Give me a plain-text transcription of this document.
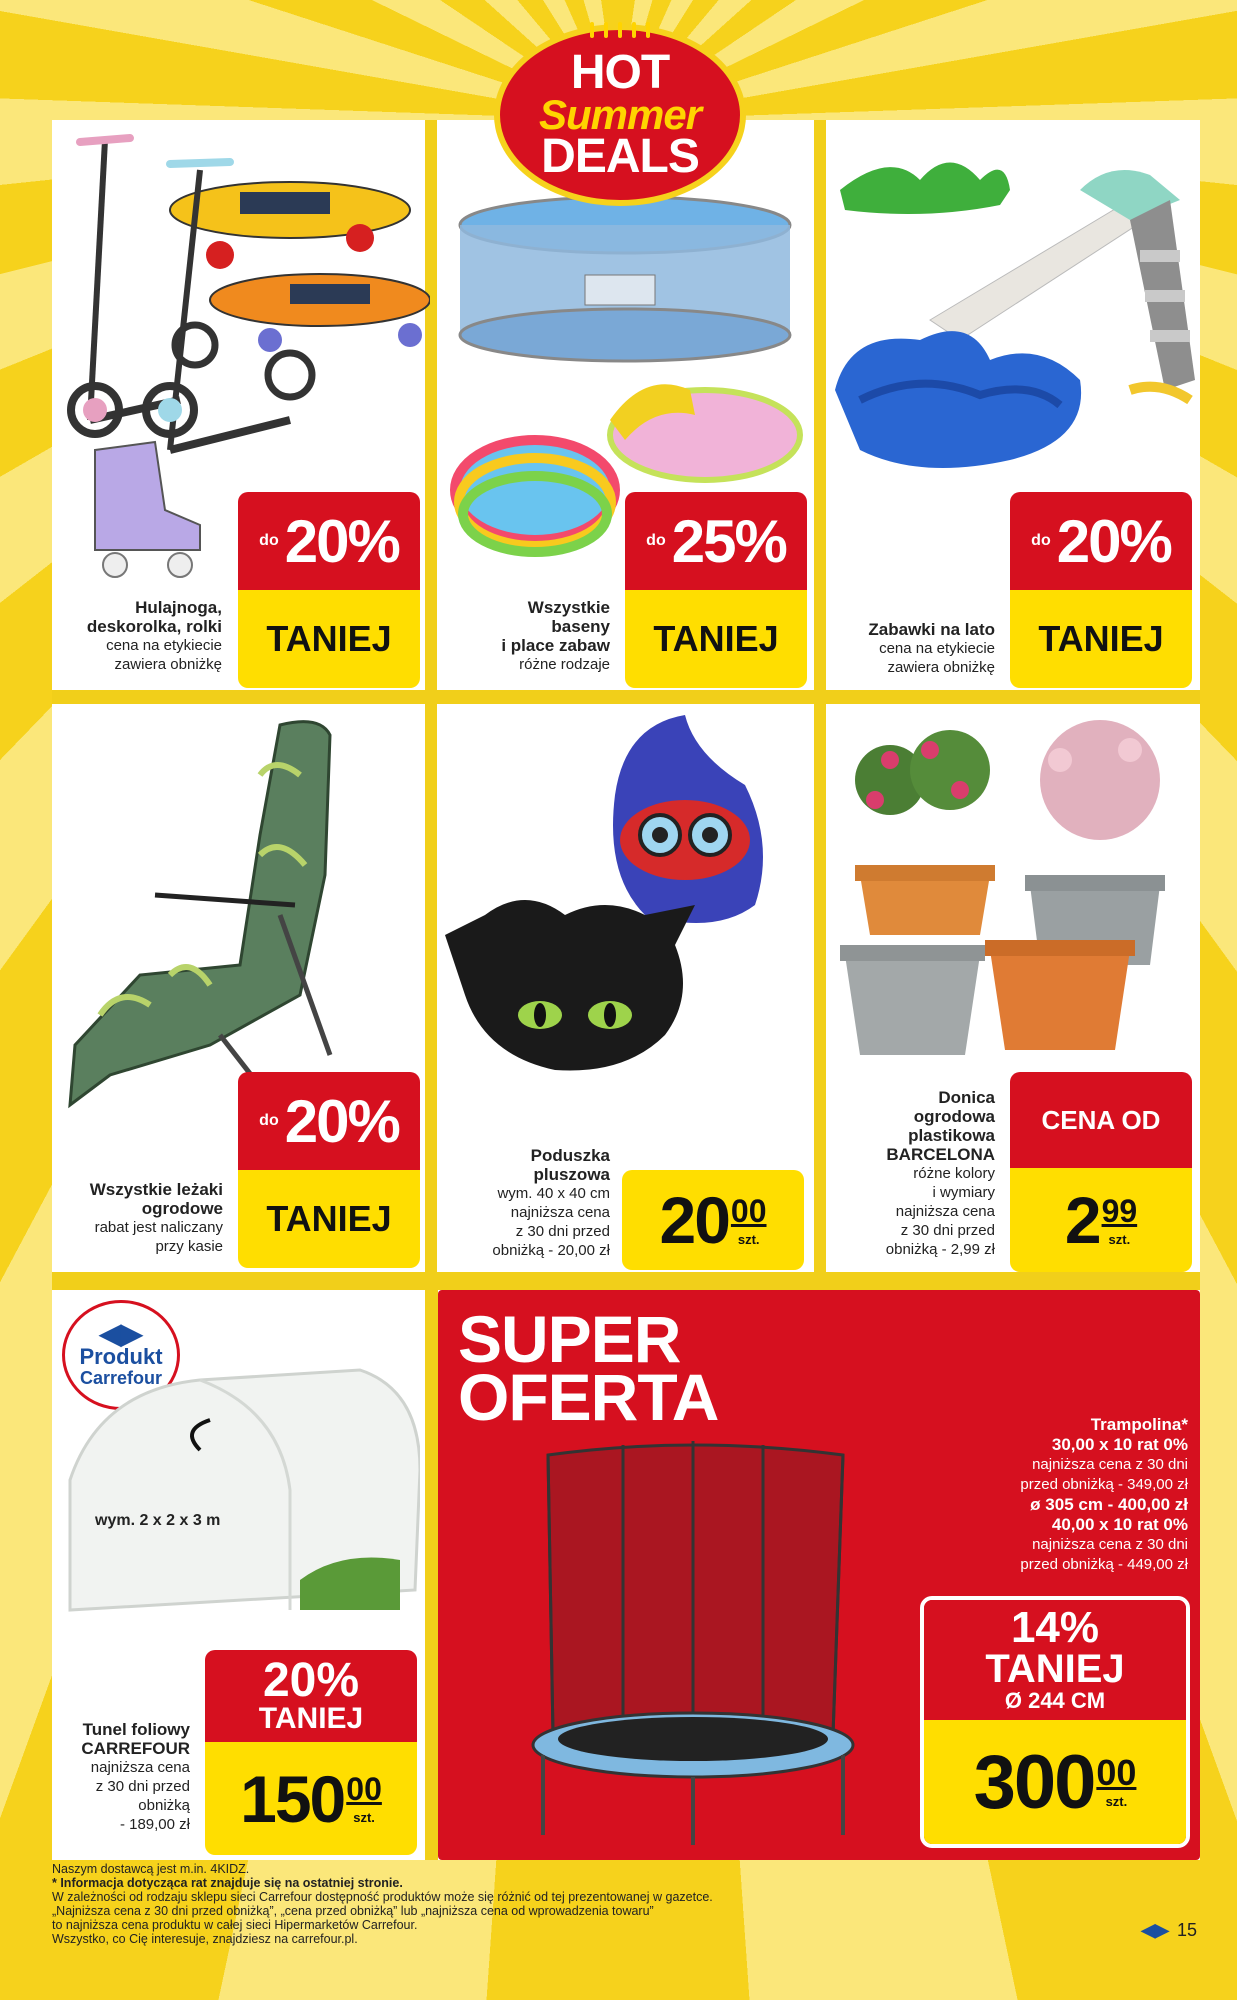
HOT
Summer
DEALS
do 20%
TANIEJ
Hulajnoga,
deskorolka, rolki
cena na etykiecie
zawiera obniżkę
do 25%
TANIEJ
Wszystkie
baseny
i place zabaw
różne rodzaje
do 20%
TANIEJ
Zabawki na lato
cena na etykiecie
zawiera obniżkę
do 20%
TANIEJ
Wszystkie leżaki
ogrodowe
rabat jest naliczany
przy kasie
Poduszka
pluszowa
wym. 40 x 40 cm
najniższa cena
z 30 dni przed
obniżką - 20,00 zł 20 00
szt.
Donica
ogrodowa
plastikowa
BARCELONA
różne kolory
i wymiary
najniższa cena
z 30 dni przed
obniżką - 2,99 zł
CENA OD
2 99
szt.
◀▶
Produkt
Carrefour
wym. 2 x 2 x 3 m
Tunel foliowy
CARREFOUR
najniższa cena
z 30 dni przed
obniżką
- 189,00 zł
20%
TANIEJ
150 00
szt.
SUPER
OFERTA	Trampolina*
30,00 x 10 rat 0%
najniższa cena z 30 dni
przed obniżką - 349,00 zł
ø 305 cm - 400,00 zł
40,00 x 10 rat 0%
najniższa cena z 30 dni
przed obniżką - 449,00 zł
14%
TANIEJ
Ø 244 CM
300 00
szt.
Naszym dostawcą jest m.in. 4KIDZ.
* Informacja dotycząca rat znajduje się na ostatniej stronie.
W zależności od rodzaju sklepu sieci Carrefour dostępność produktów może się różnić od tej prezentowanej w gazetce.
„Najniższa cena z 30 dni przed obniżką”, „cena przed obniżką” lub „najniższa cena od wprowadzenia towaru”
to najniższa cena produktu w całej sieci Hipermarketów Carrefour.
Wszystko, co Cię interesuje, znajdziesz na carrefour.pl.	◀▶ 15
